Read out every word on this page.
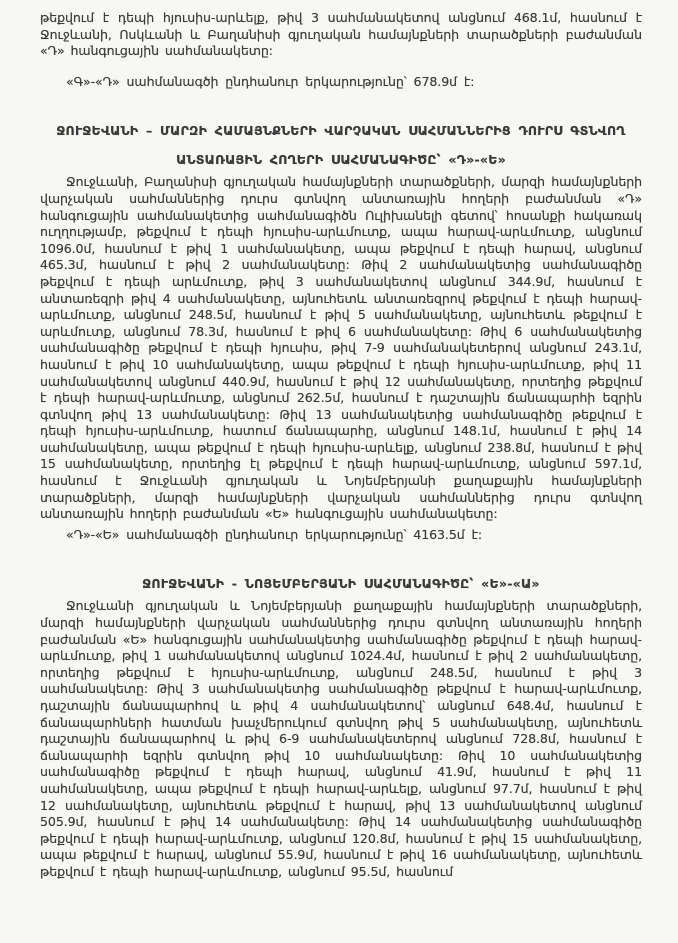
թեքվում է դեպի հյուսիս-արևելք, թիվ 3 սահմանակետով անցնում 468.1մ, հասնում է Ջուջևանի, Ոսկևանի և Բաղանիսի գյուղական համայնքների տարածքների բաժանման «Դ» հանգուցային սահմանակետը:

«Գ»-«Դ» սահմանագծի ընդհանուր երկարությունը՝ 678.9մ է:

ՋՈՒՋԵՎԱՆԻ – ՄԱՐԶԻ ՀԱՄԱՅՆՔՆԵՐԻ ՎԱՐՉԱԿԱՆ ՍԱՀՄԱՆՆԵՐԻՑ ԴՈՒՐՍ ԳՏՆՎՈՂ
ԱՆՏԱՌԱՅԻՆ ՀՈՂԵՐԻ ՍԱՀՄԱՆԱԳԻԾԸ՝ «Դ»-«Ե»

Ջուջևանի, Բաղանիսի գյուղական համայնքների տարածքների, մարզի համայնքների վարչական սահմաններից դուրս գտնվող անտառային հողերի բաժանման «Դ» հանգուցային սահմանակետից սահմանագիծն Ուլիխանելի գետով՝ հոսանքի հակառակ ուղղությամբ, թեքվում է դեպի հյուսիս-արևմուտք, ապա հարավ-արևմուտք, անցնում 1096.0մ, հասնում է թիվ 1 սահմանակետը, ապա թեքվում է դեպի հարավ, անցնում 465.3մ, հասնում է թիվ 2 սահմանակետը: Թիվ 2 սահմանակետից սահմանագիծը թեքվում է դեպի արևմուտք, թիվ 3 սահմանակետով անցնում 344.9մ, հասնում է անտառեզրի թիվ 4 սահմանակետը, այնուհետև անտառեզրով թեքվում է դեպի հարավ-արևմուտք, անցնում 248.5մ, հասնում է թիվ 5 սահմանակետը, այնուհետև թեքվում է արևմուտք, անցնում 78.3մ, հասնում է թիվ 6 սահմանակետը: Թիվ 6 սահմանակետից սահմանագիծը թեքվում է դեպի հյուսիս, թիվ 7-9 սահմանակետերով անցնում 243.1մ, հասնում է թիվ 10 սահմանակետը, ապա թեքվում է դեպի հյուսիս-արևմուտք, թիվ 11 սահմանակետով անցնում 440.9մ, հասնում է թիվ 12 սահմանակետը, որտեղից թեքվում է դեպի հարավ-արևմուտք, անցնում 262.5մ, հասնում է դաշտային ճանապարհի եզրին գտնվող թիվ 13 սահմանակետը: Թիվ 13 սահմանակետից սահմանագիծը թեքվում է դեպի հյուսիս-արևմուտք, հատում ճանապարհը, անցնում 148.1մ, հասնում է թիվ 14 սահմանակետը, ապա թեքվում է դեպի հյուսիս-արևելք, անցնում 238.8մ, հասնում է թիվ 15 սահմանակետը, որտեղից էլ թեքվում է դեպի հարավ-արևմուտք, անցնում 597.1մ, հասնում է Ջուջևանի գյուղական և Նոյեմբերյանի քաղաքային համայնքների տարածքների, մարզի համայնքների վարչական սահմաններից դուրս գտնվող անտառային հողերի բաժանման «Ե» հանգուցային սահմանակետը:

«Դ»-«Ե» սահմանագծի ընդհանուր երկարությունը՝ 4163.5մ է:

ՋՈՒՋԵՎԱՆԻ - ՆՈՅԵՄԲԵՐՅԱՆԻ ՍԱՀՄԱՆԱԳԻԾԸ՝ «Ե»-«Ա»

Ջուջևանի գյուղական և Նոյեմբերյանի քաղաքային համայնքների տարածքների, մարզի համայնքների վարչական սահմաններից դուրս գտնվող անտառային հողերի բաժանման «Ե» հանգուցային սահմանակետից սահմանագիծը թեքվում է դեպի հարավ-արևմուտք, թիվ 1 սահմանակետով անցնում 1024.4մ, հասնում է թիվ 2 սահմանակետը, որտեղից թեքվում է հյուսիս-արևմուտք, անցնում 248.5մ, հասնում է թիվ 3 սահմանակետը: Թիվ 3 սահմանակետից սահմանագիծը թեքվում է հարավ-արևմուտք, դաշտային ճանապարհով և թիվ 4 սահմանակետով՝ անցնում 648.4մ, հասնում է ճանապարհների հատման խաչմերուկում գտնվող թիվ 5 սահմանակետը, այնուհետև դաշտային ճանապարհով և թիվ 6-9 սահմանակետերով անցնում 728.8մ, հասնում է ճանապարհի եզրին գտնվող թիվ 10 սահմանակետը: Թիվ 10 սահմանակետից սահմանագիծը թեքվում է դեպի հարավ, անցնում 41.9մ, հասնում է թիվ 11 սահմանակետը, ապա թեքվում է դեպի հարավ-արևելք, անցնում 97.7մ, հասնում է թիվ 12 սահմանակետը, այնուհետև թեքվում է հարավ, թիվ 13 սահմանակետով անցնում 505.9մ, հասնում է թիվ 14 սահմանակետը: Թիվ 14 սահմանակետից սահմանագիծը թեքվում է դեպի հարավ-արևմուտք, անցնում 120.8մ, հասնում է թիվ 15 սահմանակետը, ապա թեքվում է հարավ, անցնում 55.9մ, հասնում է թիվ 16 սահմանակետը, այնուհետև թեքվում է դեպի հարավ-արևմուտք, անցնում 95.5մ, հասնում
